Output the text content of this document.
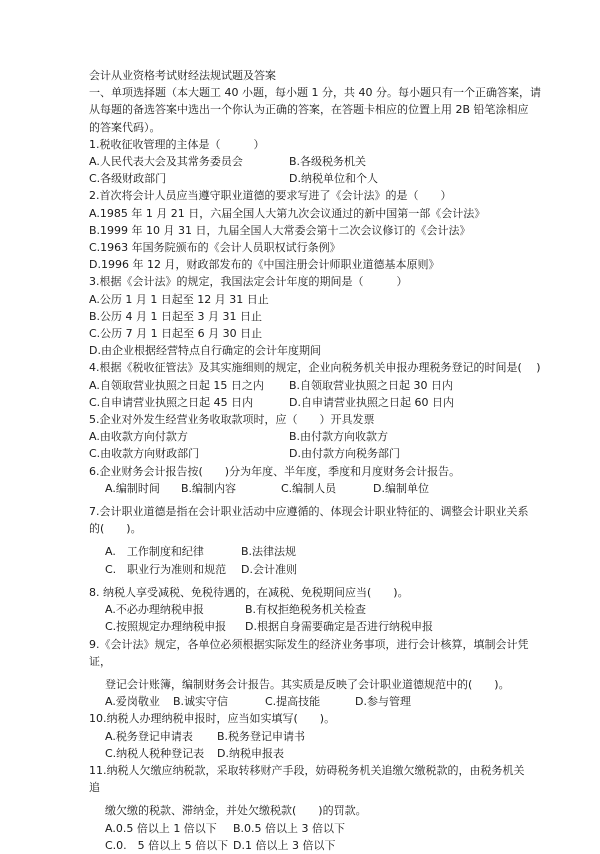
会计从业资格考试财经法规试题及答案
一、单项选择题（本大题工 40 小题，每小题 1 分，共 40 分。每小题只有一个正确答案，请
从每题的备选答案中选出一个你认为正确的答案，在答题卡相应的位置上用 2B 铅笔涂相应
的答案代码）。
1.税收征收管理的主体是（　　　）
A.人民代表大会及其常务委员会	B.各级税务机关
C.各级财政部门	D.纳税单位和个人
2.首次将会计人员应当遵守职业道德的要求写进了《会计法》的是（　　）
A.1985 年 1 月 21 日，六届全国人大第九次会议通过的新中国第一部《会计法》
B.1999 年 10 月 31 日，九届全国人大常委会第十二次会议修订的《会计法》
C.1963 年国务院颁布的《会计人员职权试行条例》
D.1996 年 12 月，财政部发布的《中国注册会计师职业道德基本原则》
3.根据《会计法》的规定，我国法定会计年度的期间是（　　　）
A.公历 1 月 1 日起至 12 月 31 日止
B.公历 4 月 1 日起至 3 月 31 日止
C.公历 7 月 1 日起至 6 月 30 日止
D.由企业根据经营特点自行确定的会计年度期间
4.根据《税收征管法》及其实施细则的规定，企业向税务机关申报办理税务登记的时间是(　 )
A.自领取营业执照之日起 15 日之内	B.自领取营业执照之日起 30 日内
C.自申请营业执照之日起 45 日内	D.自申请营业执照之日起 60 日内
5.企业对外发生经营业务收取款项时，应（　　）开具发票
A.由收款方向付款方	B.由付款方向收款方
C.由收款方向财政部门	D.由付款方向税务部门
6.企业财务会计报告按(　　)分为年度、半年度，季度和月度财务会计报告。
A.编制时间	B.编制内容	C.编制人员	D.编制单位
7.会计职业道德是指在会计职业活动中应遵循的、体现会计职业特征的、调整会计职业关系
的(　　)。
A.　工作制度和纪律	B.法律法规
C.　职业行为准则和规范	D.会计准则
8. 纳税人享受减税、免税待遇的，在减税、免税期间应当(　　)。
A.不必办理纳税申报	B.有权拒绝税务机关检查
C.按照规定办理纳税申报	D.根据自身需要确定是否进行纳税申报
9.《会计法》规定，各单位必须根据实际发生的经济业务事项，进行会计核算，填制会计凭
证，
登记会计账簿，编制财务会计报告。其实质是反映了会计职业道德规范中的(　　)。
A.爱岗敬业	B.诚实守信	C.提高技能	D.参与管理
10.纳税人办理纳税申报时，应当如实填写(　　)。
A.税务登记申请表	B.税务登记申请书
C.纳税人税种登记表	D.纳税申报表
11.纳税人欠缴应纳税款，采取转移财产手段，妨碍税务机关追缴欠缴税款的，由税务机关
追
缴欠缴的税款、滞纳金，并处欠缴税款(　　)的罚款。
A.0.5 倍以上 1 倍以下	B.0.5 倍以上 3 倍以下
C.0.　5 倍以上 5 倍以下 D.1 倍以上 3 倍以下
